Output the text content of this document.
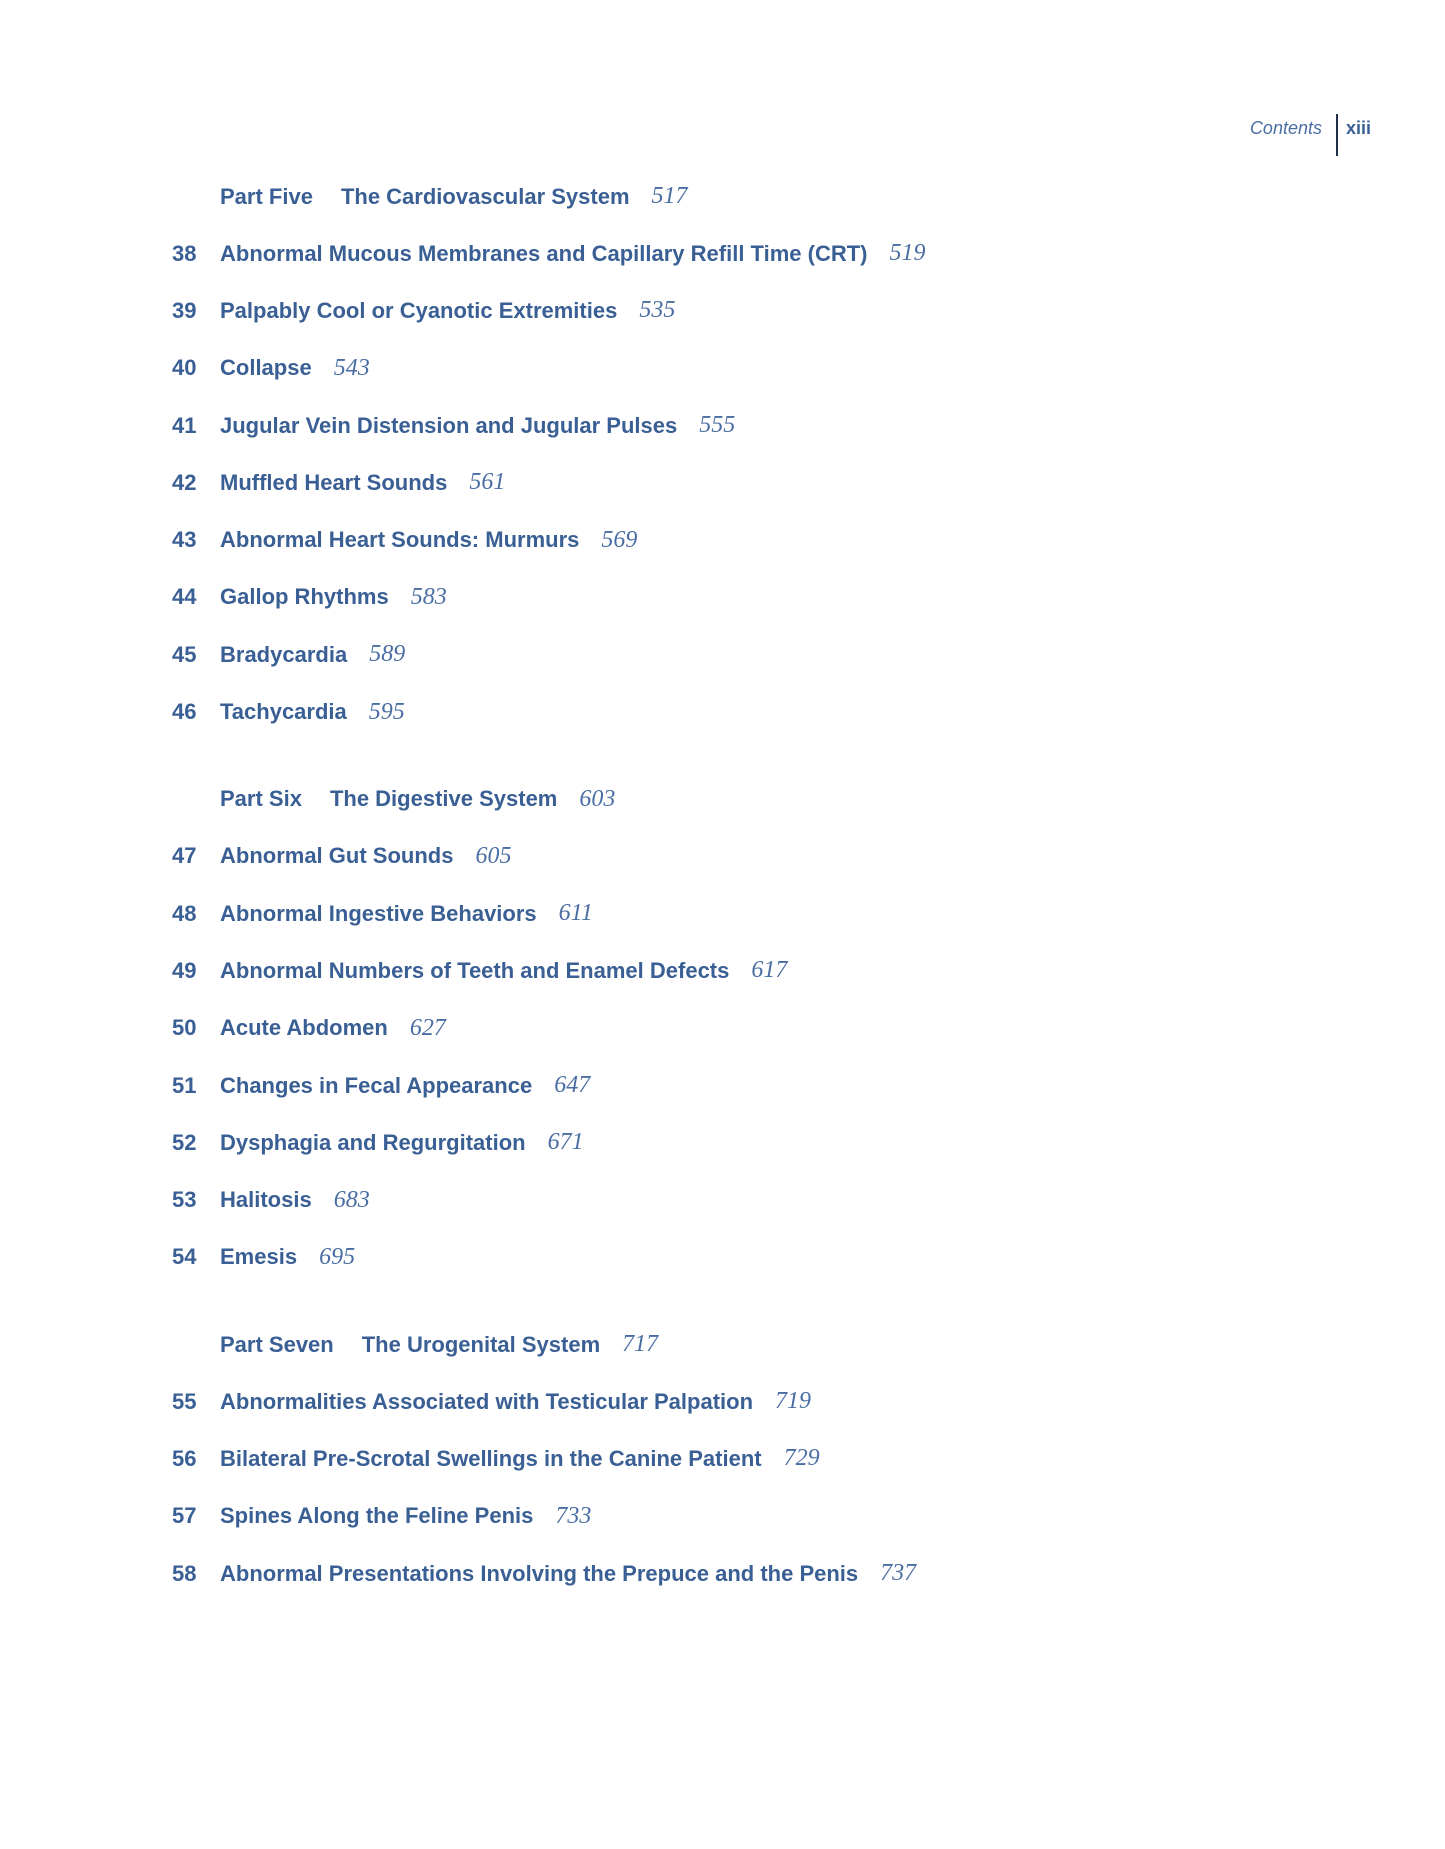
Contents	xiii
Part Five The Cardiovascular System 517
38	Abnormal Mucous Membranes and Capillary Refill Time (CRT) 519
39	Palpably Cool or Cyanotic Extremities 535
40	Collapse 543
41	Jugular Vein Distension and Jugular Pulses 555
42	Muffled Heart Sounds 561
43	Abnormal Heart Sounds: Murmurs 569
44	Gallop Rhythms 583
45	Bradycardia 589
46	Tachycardia 595
Part Six The Digestive System 603
47	Abnormal Gut Sounds 605
48	Abnormal Ingestive Behaviors 611
49	Abnormal Numbers of Teeth and Enamel Defects 617
50	Acute Abdomen 627
51	Changes in Fecal Appearance 647
52	Dysphagia and Regurgitation 671
53	Halitosis 683
54	Emesis 695
Part Seven The Urogenital System 717
55	Abnormalities Associated with Testicular Palpation 719
56	Bilateral Pre-Scrotal Swellings in the Canine Patient 729
57	Spines Along the Feline Penis 733
58	Abnormal Presentations Involving the Prepuce and the Penis 737
